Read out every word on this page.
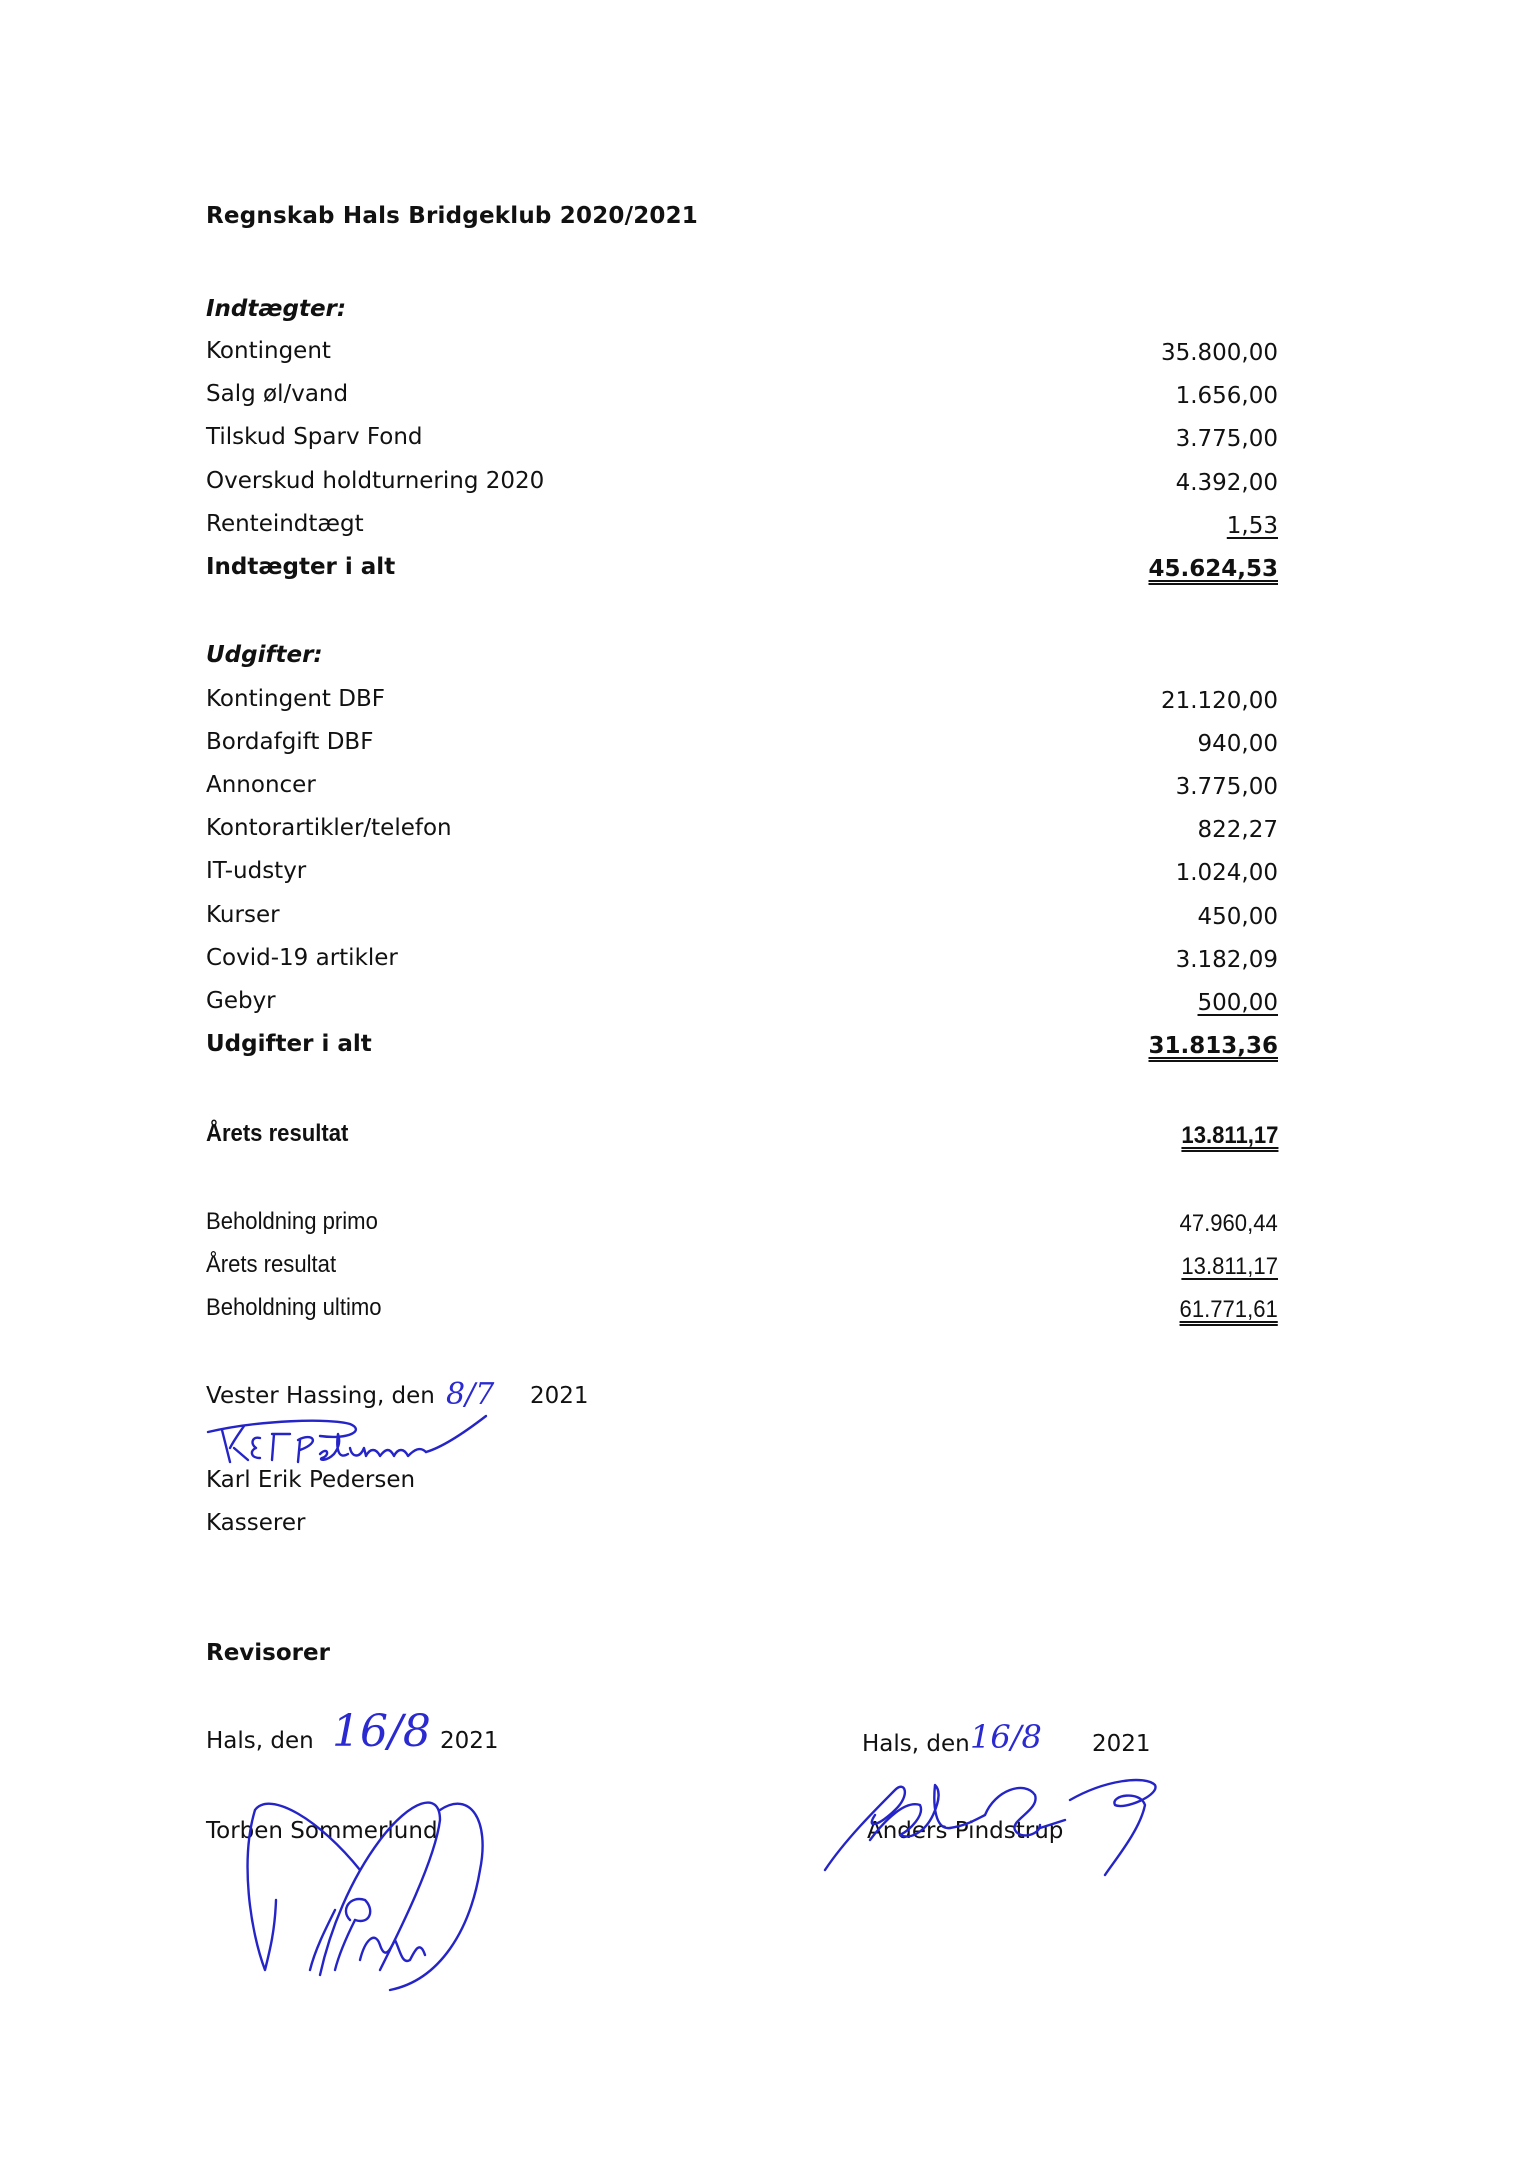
Regnskab Hals Bridgeklub 2020/2021
Indtægter:
Kontingent	35.800,00
Salg øl/vand	1.656,00
Tilskud Sparv Fond	3.775,00
Overskud holdturnering 2020	4.392,00
Renteindtægt	1,53
Indtægter i alt	45.624,53
Udgifter:
Kontingent DBF	21.120,00
Bordafgift DBF	940,00
Annoncer	3.775,00
Kontorartikler/telefon	822,27
IT-udstyr	1.024,00
Kurser	450,00
Covid-19 artikler	3.182,09
Gebyr	500,00
Udgifter i alt	31.813,36
Årets resultat	13.811,17
Beholdning primo	47.960,44
Årets resultat	13.811,17
Beholdning ultimo	61.771,61
Vester Hassing, den 8/7 2021
Karl Erik Pedersen
Kasserer
Revisorer
Hals, den 16/8 2021
Torben Sommerlund
Hals, den 16/8 2021
Anders Pindstrup
